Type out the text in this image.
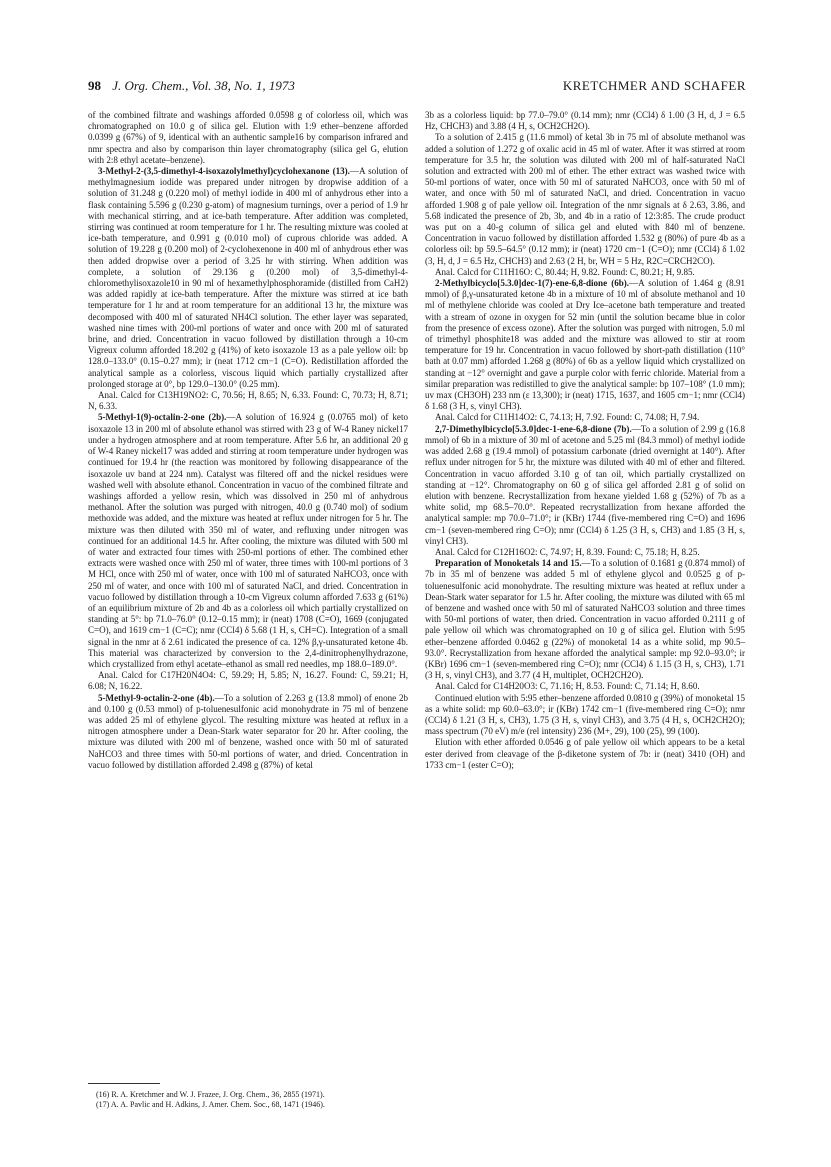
98 J. Org. Chem., Vol. 38, No. 1, 1973	KRETCHMER AND SCHAFER

of the combined filtrate and washings afforded 0.0598 g of colorless oil, which was chromatographed on 10.0 g of silica gel. Elution with 1:9 ether–benzene afforded 0.0399 g (67%) of 9, identical with an authentic sample16 by comparison infrared and nmr spectra and also by comparison thin layer chromatography (silica gel G, elution with 2:8 ethyl acetate–benzene).

3-Methyl-2-(3,5-dimethyl-4-isoxazolylmethyl)cyclohexanone (13).—A solution of methylmagnesium iodide was prepared under nitrogen by dropwise addition of a solution of 31.248 g (0.220 mol) of methyl iodide in 400 ml of anhydrous ether into a flask containing 5.596 g (0.230 g-atom) of magnesium turnings, over a period of 1.9 hr with mechanical stirring, and at ice-bath temperature. After addition was completed, stirring was continued at room temperature for 1 hr. The resulting mixture was cooled at ice-bath temperature, and 0.991 g (0.010 mol) of cuprous chloride was added. A solution of 19.228 g (0.200 mol) of 2-cyclohexenone in 400 ml of anhydrous ether was then added dropwise over a period of 3.25 hr with stirring. When addition was complete, a solution of 29.136 g (0.200 mol) of 3,5-dimethyl-4-chloromethylisoxazole10 in 90 ml of hexamethylphosphoramide (distilled from CaH2) was added rapidly at ice-bath temperature. After the mixture was stirred at ice bath temperature for 1 hr and at room temperature for an additional 13 hr, the mixture was decomposed with 400 ml of saturated NH4Cl solution. The ether layer was separated, washed nine times with 200-ml portions of water and once with 200 ml of saturated brine, and dried. Concentration in vacuo followed by distillation through a 10-cm Vigreux column afforded 18.202 g (41%) of keto isoxazole 13 as a pale yellow oil: bp 128.0–133.0° (0.15–0.27 mm); ir (neat 1712 cm−1 (C=O). Redistillation afforded the analytical sample as a colorless, viscous liquid which partially crystallized after prolonged storage at 0°, bp 129.0–130.0° (0.25 mm).

Anal. Calcd for C13H19NO2: C, 70.56; H, 8.65; N, 6.33. Found: C, 70.73; H, 8.71; N, 6.33.

5-Methyl-1(9)-octalin-2-one (2b).—A solution of 16.924 g (0.0765 mol) of keto isoxazole 13 in 200 ml of absolute ethanol was stirred with 23 g of W-4 Raney nickel17 under a hydrogen atmosphere and at room temperature. After 5.6 hr, an additional 20 g of W-4 Raney nickel17 was added and stirring at room temperature under hydrogen was continued for 19.4 hr (the reaction was monitored by following disappearance of the isoxazole uv band at 224 nm). Catalyst was filtered off and the nickel residues were washed well with absolute ethanol. Concentration in vacuo of the combined filtrate and washings afforded a yellow resin, which was dissolved in 250 ml of anhydrous methanol. After the solution was purged with nitrogen, 40.0 g (0.740 mol) of sodium methoxide was added, and the mixture was heated at reflux under nitrogen for 5 hr. The mixture was then diluted with 350 ml of water, and refluxing under nitrogen was continued for an additional 14.5 hr. After cooling, the mixture was diluted with 500 ml of water and extracted four times with 250-ml portions of ether. The combined ether extracts were washed once with 250 ml of water, three times with 100-ml portions of 3 M HCl, once with 250 ml of water, once with 100 ml of saturated NaHCO3, once with 250 ml of water, and once with 100 ml of saturated NaCl, and dried. Concentration in vacuo followed by distillation through a 10-cm Vigreux column afforded 7.633 g (61%) of an equilibrium mixture of 2b and 4b as a colorless oil which partially crystallized on standing at 5°: bp 71.0–76.0° (0.12–0.15 mm); ir (neat) 1708 (C=O), 1669 (conjugated C=O), and 1619 cm−1 (C=C); nmr (CCl4) δ 5.68 (1 H, s, CH=C). Integration of a small signal in the nmr at δ 2.61 indicated the presence of ca. 12% β,γ-unsaturated ketone 4b. This material was characterized by conversion to the 2,4-dinitrophenylhydrazone, which crystallized from ethyl acetate–ethanol as small red needles, mp 188.0–189.0°.

Anal. Calcd for C17H20N4O4: C, 59.29; H, 5.85; N, 16.27. Found: C, 59.21; H, 6.08; N, 16.22.

5-Methyl-9-octalin-2-one (4b).—To a solution of 2.263 g (13.8 mmol) of enone 2b and 0.100 g (0.53 mmol) of p-toluenesulfonic acid monohydrate in 75 ml of benzene was added 25 ml of ethylene glycol. The resulting mixture was heated at reflux in a nitrogen atmosphere under a Dean-Stark water separator for 20 hr. After cooling, the mixture was diluted with 200 ml of benzene, washed once with 50 ml of saturated NaHCO3 and three times with 50-ml portions of water, and dried. Concentration in vacuo followed by distillation afforded 2.498 g (87%) of ketal

3b as a colorless liquid: bp 77.0–79.0° (0.14 mm); nmr (CCl4) δ 1.00 (3 H, d, J = 6.5 Hz, CHCH3) and 3.88 (4 H, s, OCH2CH2O).

To a solution of 2.415 g (11.6 mmol) of ketal 3b in 75 ml of absolute methanol was added a solution of 1.272 g of oxalic acid in 45 ml of water. After it was stirred at room temperature for 3.5 hr, the solution was diluted with 200 ml of half-saturated NaCl solution and extracted with 200 ml of ether. The ether extract was washed twice with 50-ml portions of water, once with 50 ml of saturated NaHCO3, once with 50 ml of water, and once with 50 ml of saturated NaCl, and dried. Concentration in vacuo afforded 1.908 g of pale yellow oil. Integration of the nmr signals at δ 2.63, 3.86, and 5.68 indicated the presence of 2b, 3b, and 4b in a ratio of 12:3:85. The crude product was put on a 40-g column of silica gel and eluted with 840 ml of benzene. Concentration in vacuo followed by distillation afforded 1.532 g (80%) of pure 4b as a colorless oil: bp 59.5–64.5° (0.12 mm); ir (neat) 1720 cm−1 (C=O); nmr (CCl4) δ 1.02 (3, H, d, J = 6.5 Hz, CHCH3) and 2.63 (2 H, br, WH = 5 Hz, R2C=CRCH2CO).

Anal. Calcd for C11H16O: C, 80.44; H, 9.82. Found: C, 80.21; H, 9.85.

2-Methylbicyclo[5.3.0]dec-1(7)-ene-6,8-dione (6b).—A solution of 1.464 g (8.91 mmol) of β,γ-unsaturated ketone 4b in a mixture of 10 ml of absolute methanol and 10 ml of methylene chloride was cooled at Dry Ice–acetone bath temperature and treated with a stream of ozone in oxygen for 52 min (until the solution became blue in color from the presence of excess ozone). After the solution was purged with nitrogen, 5.0 ml of trimethyl phosphite18 was added and the mixture was allowed to stir at room temperature for 19 hr. Concentration in vacuo followed by short-path distillation (110° bath at 0.07 mm) afforded 1.268 g (80%) of 6b as a yellow liquid which crystallized on standing at −12° overnight and gave a purple color with ferric chloride. Material from a similar preparation was redistilled to give the analytical sample: bp 107–108° (1.0 mm); uv max (CH3OH) 233 nm (ε 13,300); ir (neat) 1715, 1637, and 1605 cm−1; nmr (CCl4) δ 1.68 (3 H, s, vinyl CH3).

Anal. Calcd for C11H14O2: C, 74.13; H, 7.92. Found: C, 74.08; H, 7.94.

2,7-Dimethylbicyclo[5.3.0]dec-1-ene-6,8-dione (7b).—To a solution of 2.99 g (16.8 mmol) of 6b in a mixture of 30 ml of acetone and 5.25 ml (84.3 mmol) of methyl iodide was added 2.68 g (19.4 mmol) of potassium carbonate (dried overnight at 140°). After reflux under nitrogen for 5 hr, the mixture was diluted with 40 ml of ether and filtered. Concentration in vacuo afforded 3.10 g of tan oil, which partially crystallized on standing at −12°. Chromatography on 60 g of silica gel afforded 2.81 g of solid on elution with benzene. Recrystallization from hexane yielded 1.68 g (52%) of 7b as a white solid, mp 68.5–70.0°. Repeated recrystallization from hexane afforded the analytical sample: mp 70.0–71.0°; ir (KBr) 1744 (five-membered ring C=O) and 1696 cm−1 (seven-membered ring C=O); nmr (CCl4) δ 1.25 (3 H, s, CH3) and 1.85 (3 H, s, vinyl CH3).

Anal. Calcd for C12H16O2: C, 74.97; H, 8.39. Found: C, 75.18; H, 8.25.

Preparation of Monoketals 14 and 15.—To a solution of 0.1681 g (0.874 mmol) of 7b in 35 ml of benzene was added 5 ml of ethylene glycol and 0.0525 g of p-toluenesulfonic acid monohydrate. The resulting mixture was heated at reflux under a Dean-Stark water separator for 1.5 hr. After cooling, the mixture was diluted with 65 ml of benzene and washed once with 50 ml of saturated NaHCO3 solution and three times with 50-ml portions of water, then dried. Concentration in vacuo afforded 0.2111 g of pale yellow oil which was chromatographed on 10 g of silica gel. Elution with 5:95 ether–benzene afforded 0.0462 g (22%) of monoketal 14 as a white solid, mp 90.5–93.0°. Recrystallization from hexane afforded the analytical sample: mp 92.0–93.0°; ir (KBr) 1696 cm−1 (seven-membered ring C=O); nmr (CCl4) δ 1.15 (3 H, s, CH3), 1.71 (3 H, s, vinyl CH3), and 3.77 (4 H, multiplet, OCH2CH2O).

Anal. Calcd for C14H20O3: C, 71.16; H, 8.53. Found: C, 71.14; H, 8.60.

Continued elution with 5:95 ether–benzene afforded 0.0810 g (39%) of monoketal 15 as a white solid: mp 60.0–63.0°; ir (KBr) 1742 cm−1 (five-membered ring C=O); nmr (CCl4) δ 1.21 (3 H, s, CH3), 1.75 (3 H, s, vinyl CH3), and 3.75 (4 H, s, OCH2CH2O); mass spectrum (70 eV) m/e (rel intensity) 236 (M+, 29), 100 (25), 99 (100).

Elution with ether afforded 0.0546 g of pale yellow oil which appears to be a ketal ester derived from cleavage of the β-diketone system of 7b: ir (neat) 3410 (OH) and 1733 cm−1 (ester C=O);

(16) R. A. Kretchmer and W. J. Frazee, J. Org. Chem., 36, 2855 (1971).
(17) A. A. Pavlic and H. Adkins, J. Amer. Chem. Soc., 68, 1471 (1946).
